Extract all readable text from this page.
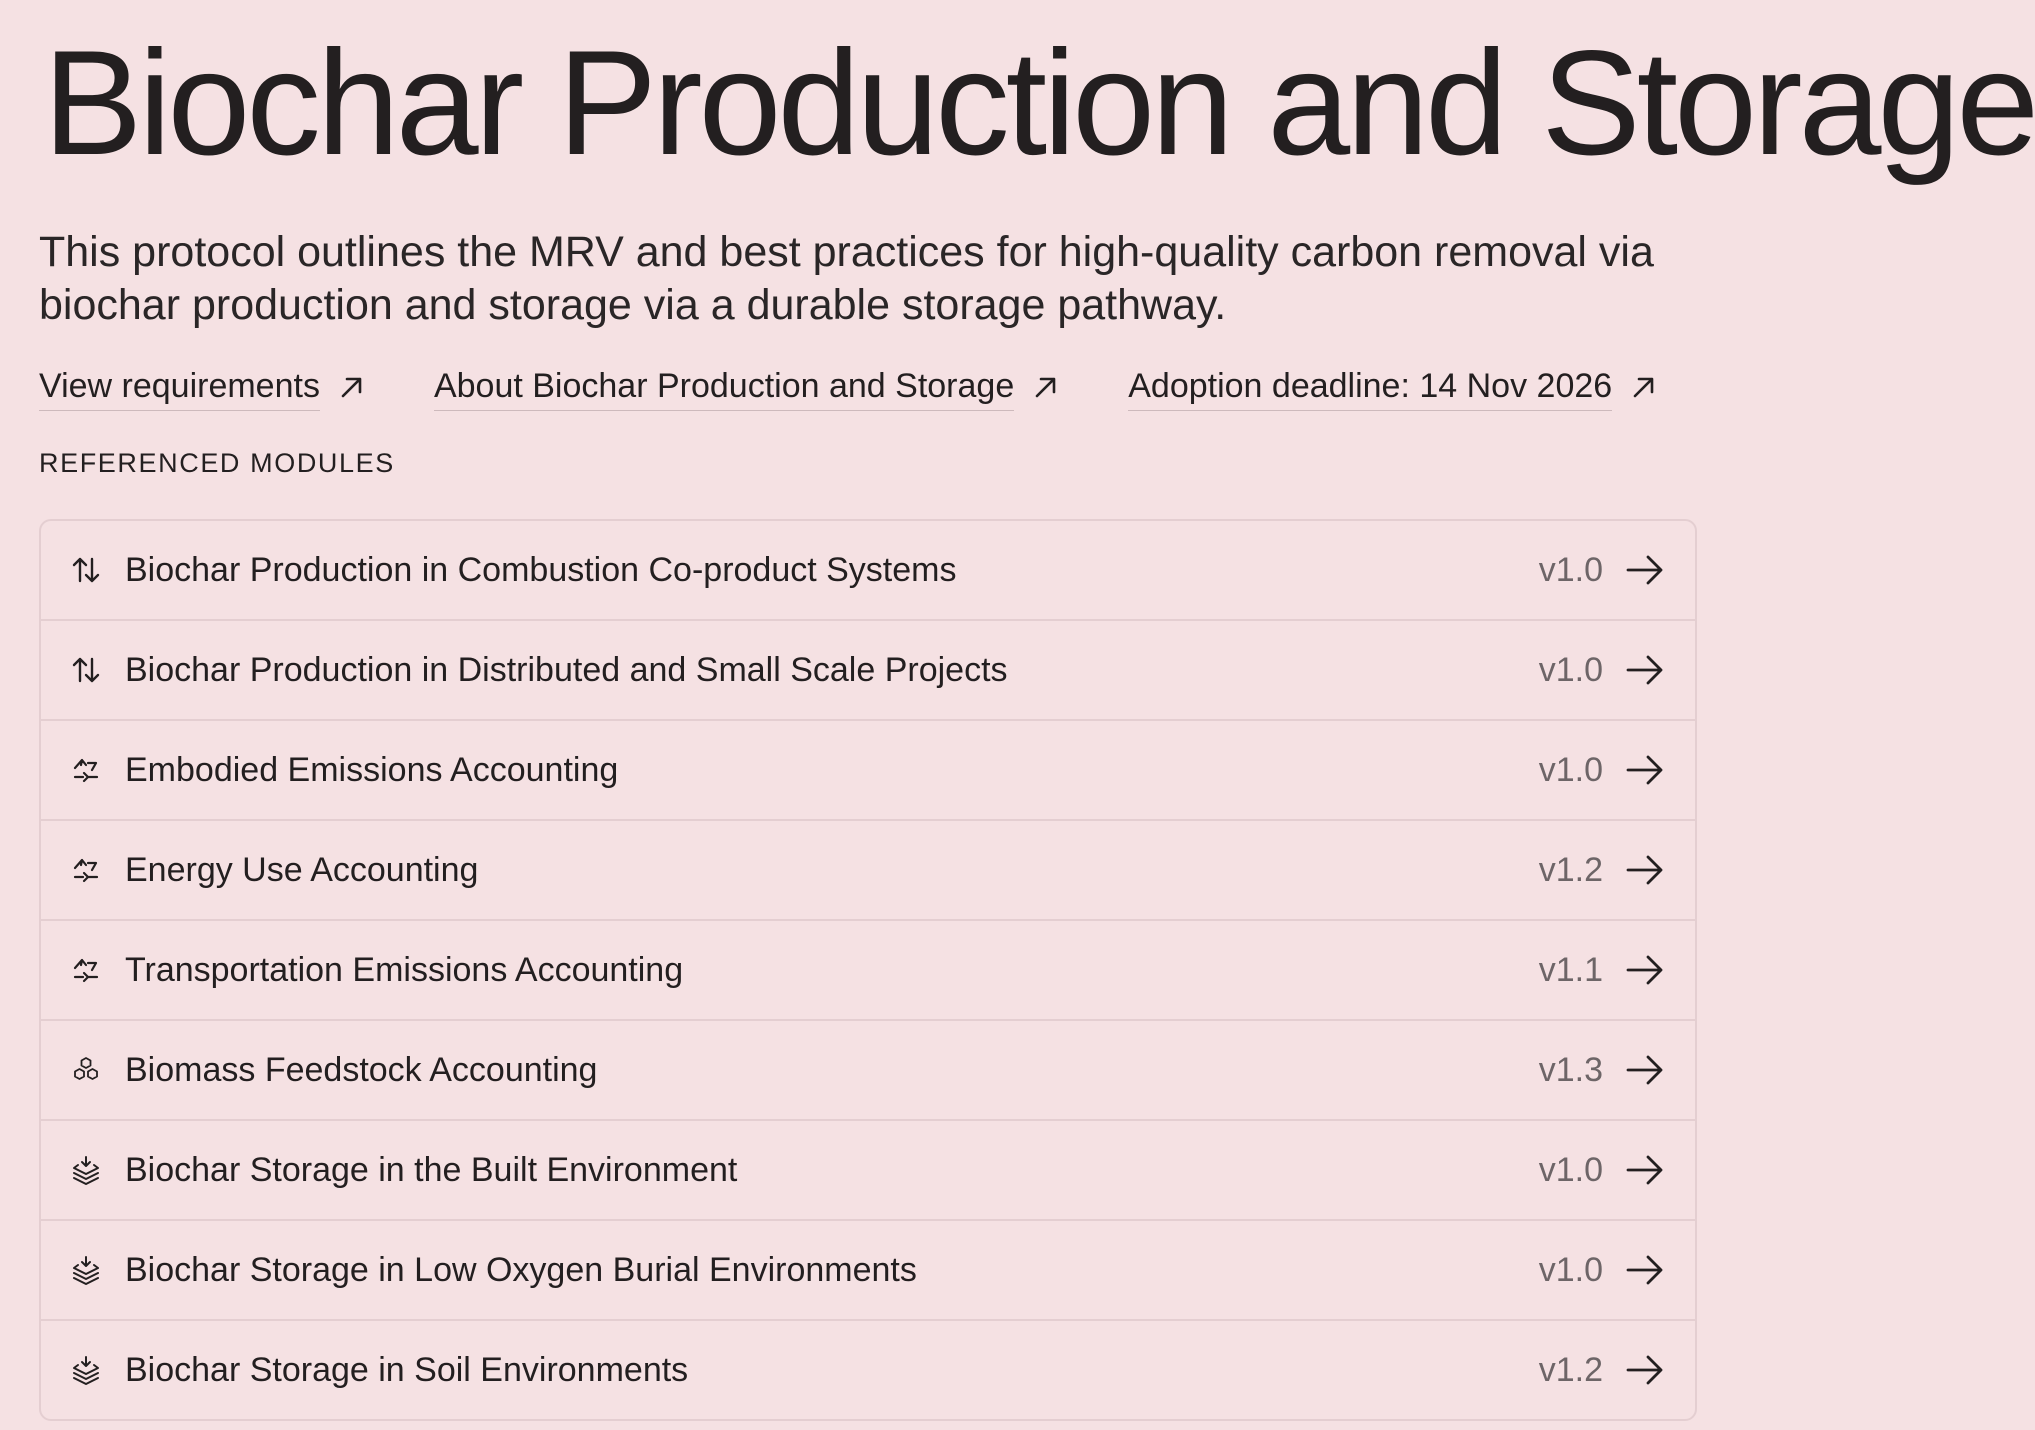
Biochar Production and Storage

This protocol outlines the MRV and best practices for high-quality carbon removal via biochar production and storage via a durable storage pathway.

View requirements	About Biochar Production and Storage	Adoption deadline: 14 Nov 2026
REFERENCED MODULES
Biochar Production in Combustion Co-product Systems	v1.0
Biochar Production in Distributed and Small Scale Projects	v1.0
Embodied Emissions Accounting	v1.0
Energy Use Accounting	v1.2
Transportation Emissions Accounting	v1.1
Biomass Feedstock Accounting	v1.3
Biochar Storage in the Built Environment	v1.0
Biochar Storage in Low Oxygen Burial Environments	v1.0
Biochar Storage in Soil Environments	v1.2
